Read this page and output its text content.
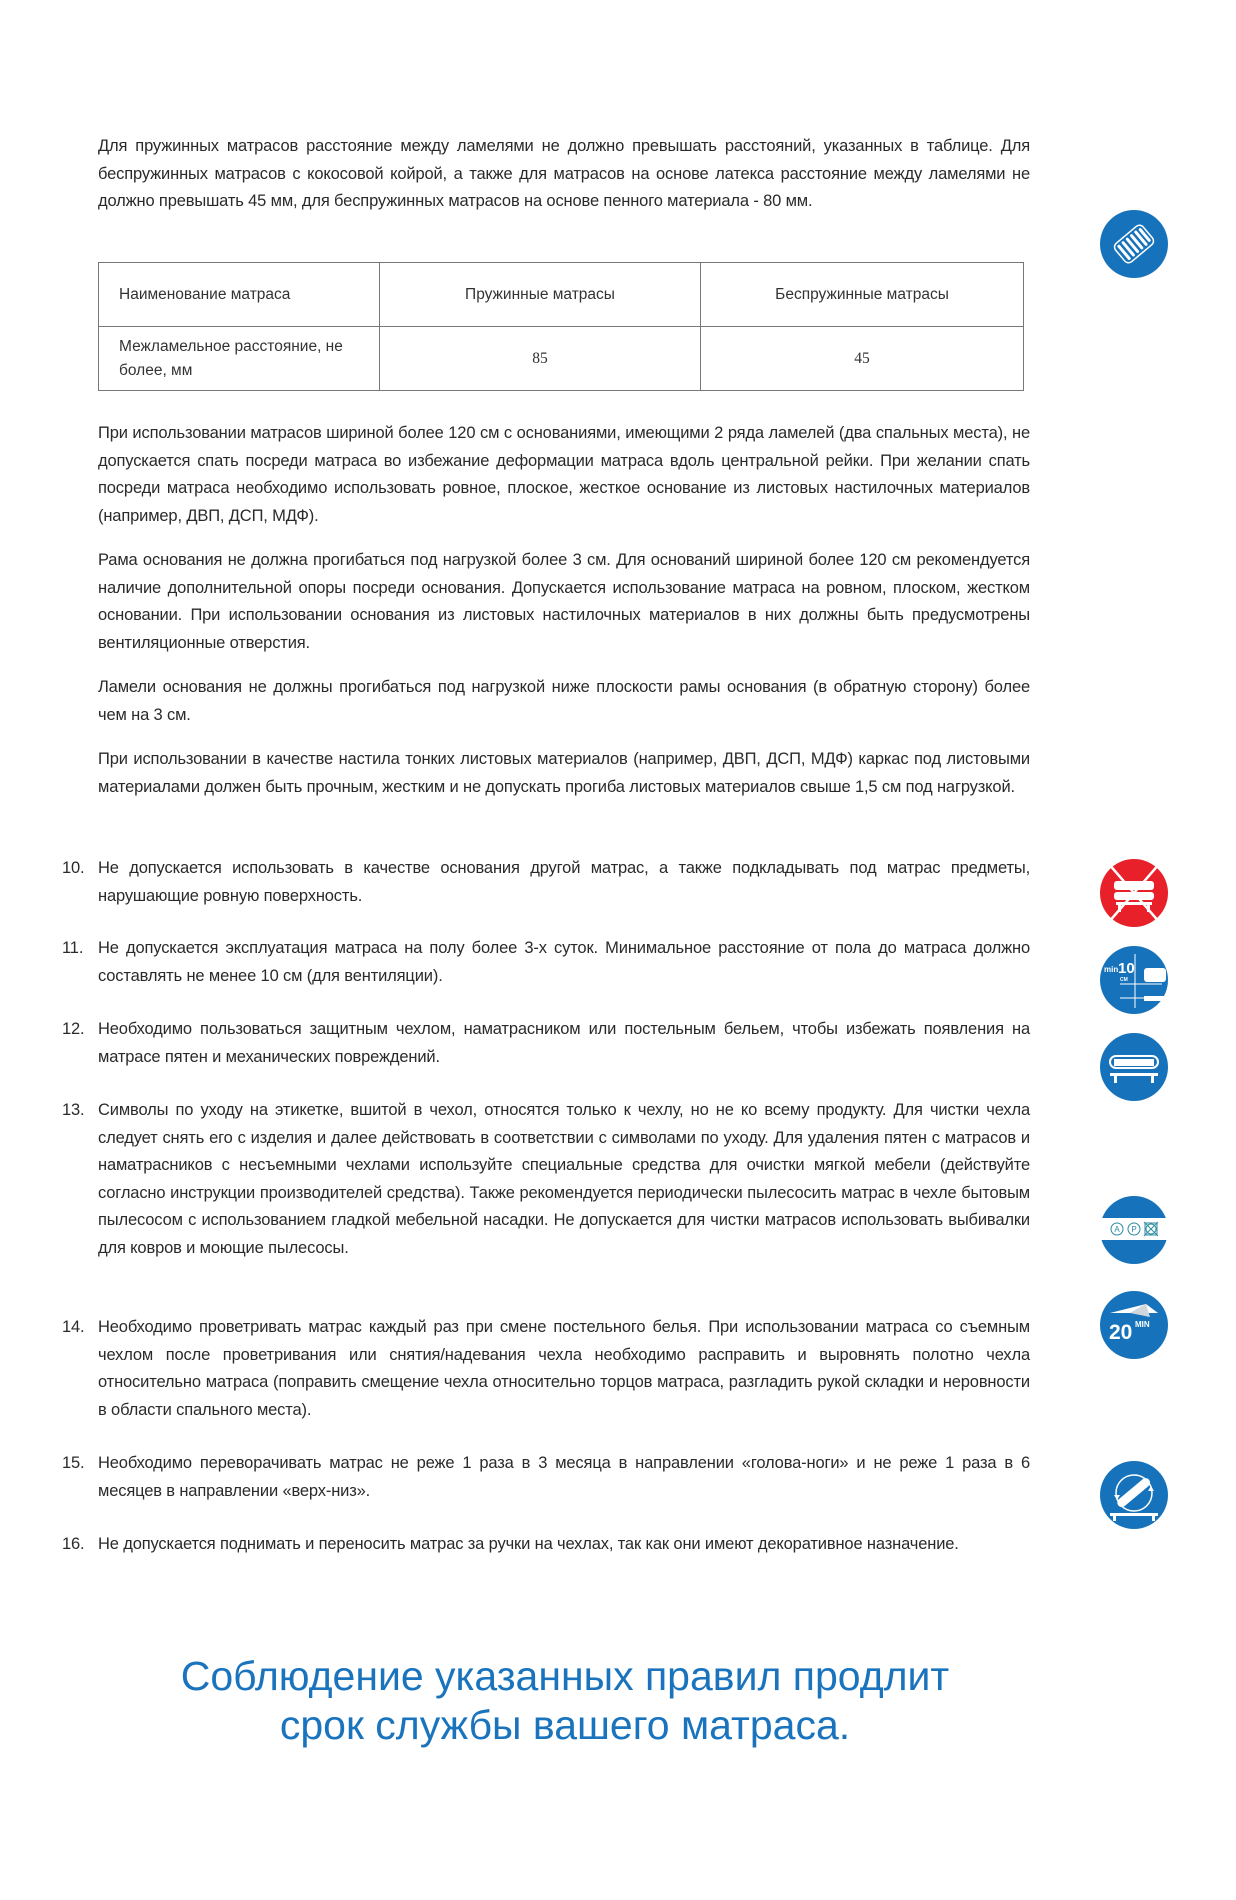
Для пружинных матрасов расстояние между ламелями не должно превышать расстояний, указанных в таблице. Для беспружинных матрасов с кокосовой койрой, а также для матрасов на основе латекса расстояние между ламелями не должно превышать 45 мм, для беспружинных матрасов на основе пенного материала - 80 мм.

Наименование матраса	Пружинные матрасы	Беспружинные матрасы
Межламельное расстояние, не более, мм	85	45

При использовании матрасов шириной более 120 см с основаниями, имеющими 2 ряда ламелей (два спальных места), не допускается спать посреди матраса во избежание деформации матраса вдоль центральной рейки. При желании спать посреди матраса необходимо использовать ровное, плоское, жесткое основание из листовых настилочных материалов (например, ДВП, ДСП, МДФ).

Рама основания не должна прогибаться под нагрузкой более 3 см. Для оснований шириной более 120 см рекомендуется наличие дополнительной опоры посреди основания. Допускается использование матраса на ровном, плоском, жестком основании. При использовании основания из листовых настилочных материалов в них должны быть предусмотрены вентиляционные отверстия.

Ламели основания не должны прогибаться под нагрузкой ниже плоскости рамы основания (в обратную сторону) более чем на 3 см.

При использовании в качестве настила тонких листовых материалов (например, ДВП, ДСП, МДФ) каркас под листовыми материалами должен быть прочным, жестким и не допускать прогиба листовых материалов свыше 1,5 см под нагрузкой.

10. Не допускается использовать в качестве основания другой матрас, а также подкладывать под матрас предметы, нарушающие ровную поверхность.
11. Не допускается эксплуатация матраса на полу более 3-х суток. Минимальное расстояние от пола до матраса должно составлять не менее 10 см (для вентиляции).
12. Необходимо пользоваться защитным чехлом, наматрасником или постельным бельем, чтобы избежать появления на матрасе пятен и механических повреждений.
13. Символы по уходу на этикетке, вшитой в чехол, относятся только к чехлу, но не ко всему продукту. Для чистки чехла следует снять его с изделия и далее действовать в соответствии с символами по уходу. Для удаления пятен с матрасов и наматрасников с несъемными чехлами используйте специальные средства для очистки мягкой мебели (действуйте согласно инструкции производителей средства). Также рекомендуется периодически пылесосить матрас в чехле бытовым пылесосом с использованием гладкой мебельной насадки. Не допускается для чистки матрасов использовать выбивалки для ковров и моющие пылесосы.
14. Необходимо проветривать матрас каждый раз при смене постельного белья. При использовании матраса со съемным чехлом после проветривания или снятия/надевания чехла необходимо расправить и выровнять полотно чехла относительно матраса (поправить смещение чехла относительно торцов матраса, разгладить рукой складки и неровности в области спального места).
15. Необходимо переворачивать матрас не реже 1 раза в 3 месяца в направлении «голова-ноги» и не реже 1 раза в 6 месяцев в направлении «верх-низ».
16. Не допускается поднимать и переносить матрас за ручки на чехлах, так как они имеют декоративное назначение.
min 10
CM
A P
20 MIN
Соблюдение указанных правил продлит
срок службы вашего матраса.
